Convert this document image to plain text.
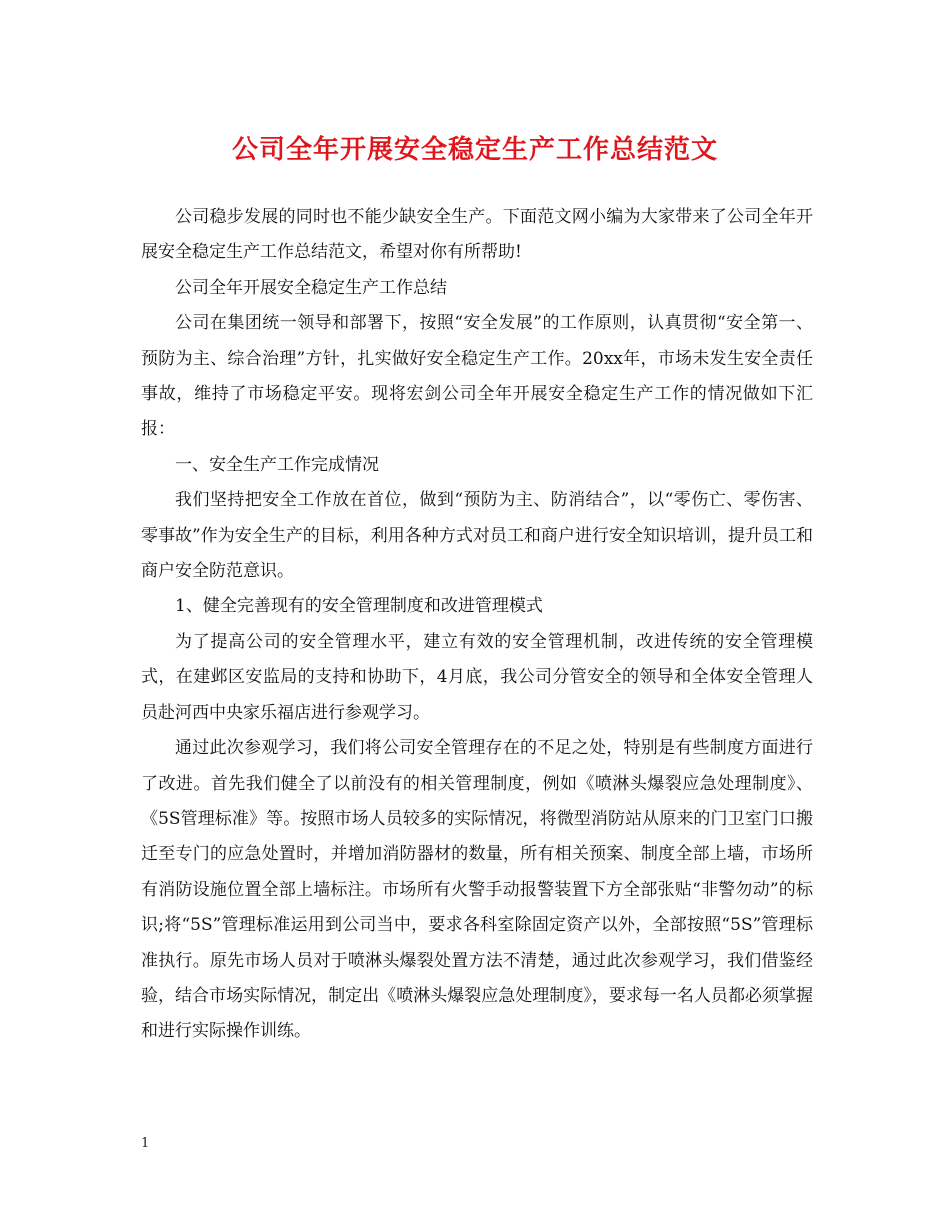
公司全年开展安全稳定生产工作总结范文

公司稳步发展的同时也不能少缺安全生产。下面范文网小编为大家带来了公司全年开展安全稳定生产工作总结范文，希望对你有所帮助!

公司全年开展安全稳定生产工作总结

公司在集团统一领导和部署下，按照“安全发展”的工作原则，认真贯彻“安全第一、预防为主、综合治理”方针，扎实做好安全稳定生产工作。20xx年，市场未发生安全责任事故，维持了市场稳定平安。现将宏剑公司全年开展安全稳定生产工作的情况做如下汇报：

一、安全生产工作完成情况

我们坚持把安全工作放在首位，做到“预防为主、防消结合”，以“零伤亡、零伤害、零事故”作为安全生产的目标，利用各种方式对员工和商户进行安全知识培训，提升员工和商户安全防范意识。

1、健全完善现有的安全管理制度和改进管理模式

为了提高公司的安全管理水平，建立有效的安全管理机制，改进传统的安全管理模式，在建邺区安监局的支持和协助下，4月底，我公司分管安全的领导和全体安全管理人员赴河西中央家乐福店进行参观学习。

通过此次参观学习，我们将公司安全管理存在的不足之处，特别是有些制度方面进行了改进。首先我们健全了以前没有的相关管理制度，例如《喷淋头爆裂应急处理制度》、《5S管理标准》等。按照市场人员较多的实际情况，将微型消防站从原来的门卫室门口搬迁至专门的应急处置时，并增加消防器材的数量，所有相关预案、制度全部上墙，市场所有消防设施位置全部上墙标注。市场所有火警手动报警装置下方全部张贴“非警勿动”的标识;将“5S”管理标准运用到公司当中，要求各科室除固定资产以外，全部按照“5S”管理标准执行。原先市场人员对于喷淋头爆裂处置方法不清楚，通过此次参观学习，我们借鉴经验，结合市场实际情况，制定出《喷淋头爆裂应急处理制度》，要求每一名人员都必须掌握和进行实际操作训练。

1
